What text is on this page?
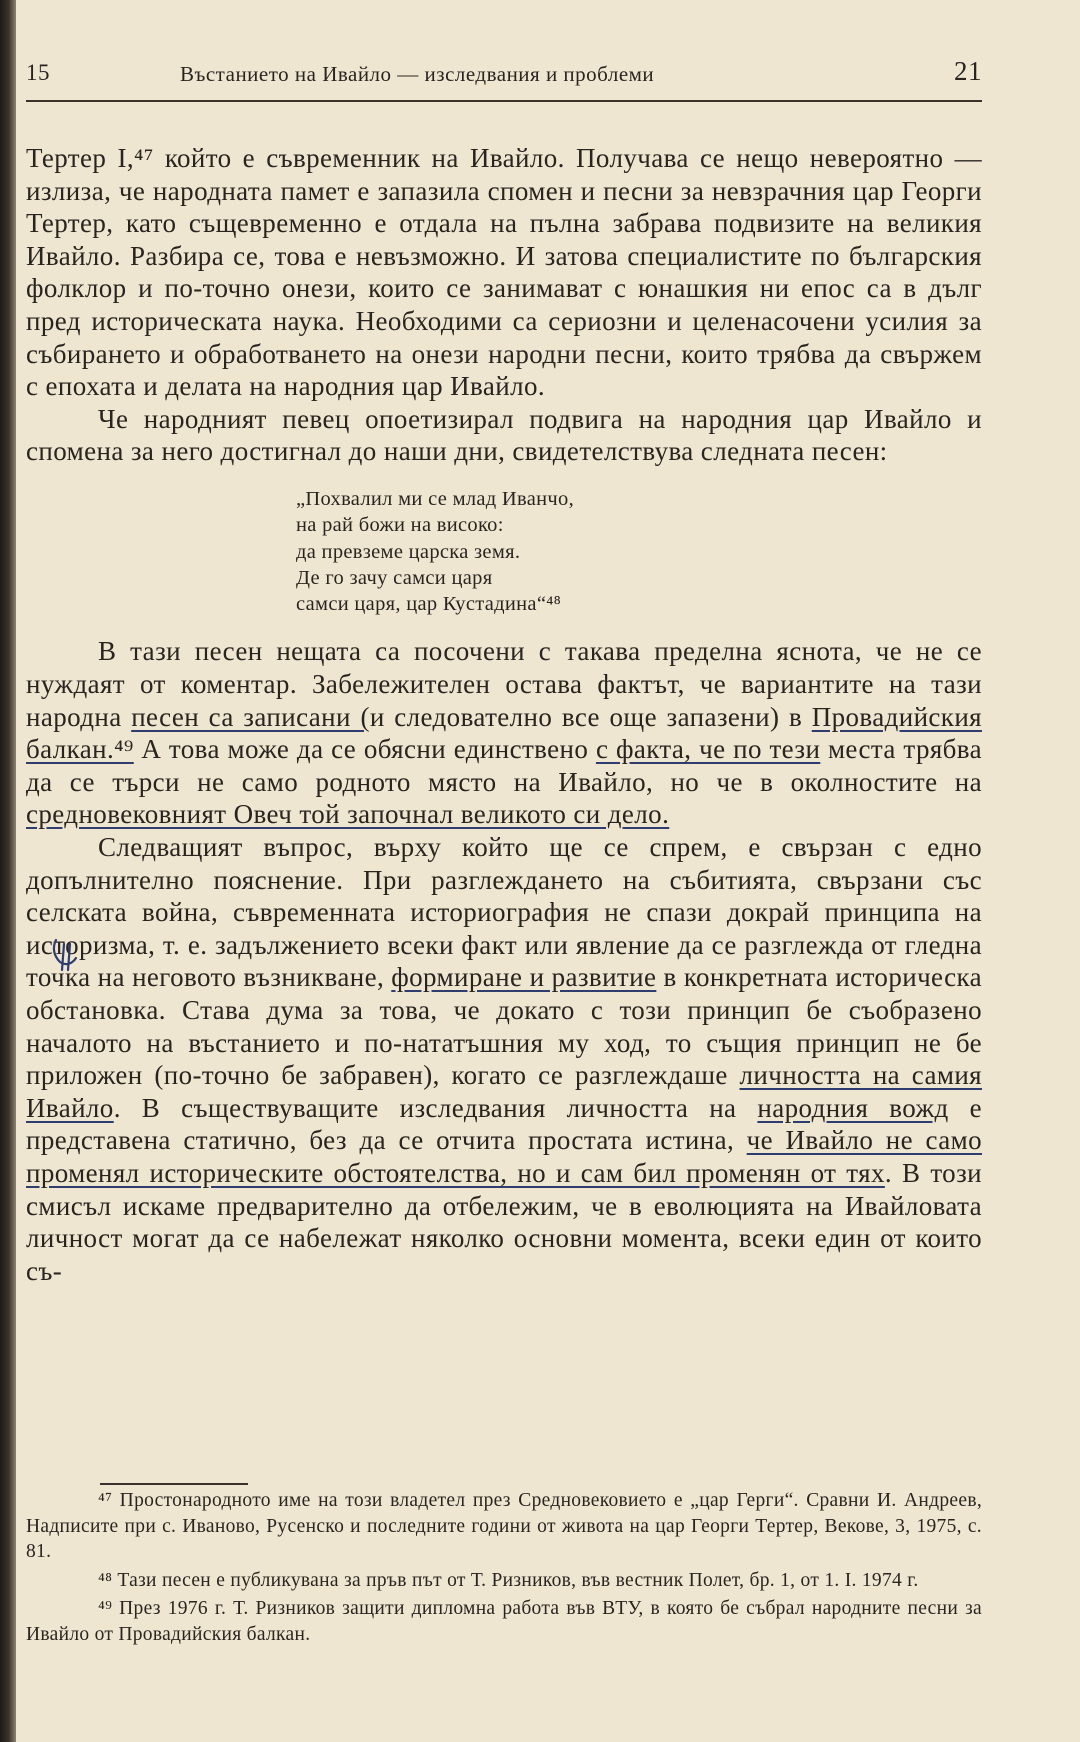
15	Въстанието на Ивайло — изследвания и проблеми	21

Тертер I,⁴⁷ който е съвременник на Ивайло. Получава се нещо невероятно — излиза, че народната памет е запазила спомен и песни за невзрачния цар Георги Тертер, като същевременно е отдала на пълна забрава подвизите на великия Ивайло. Разбира се, това е невъзможно. И затова специалистите по българския фолклор и по-точно онези, които се занимават с юнашкия ни епос са в дълг пред историческата наука. Необходими са сериозни и целенасочени усилия за събирането и обработването на онези народни песни, които трябва да свържем с епохата и делата на народния цар Ивайло.

Че народният певец опоетизирал подвига на народния цар Ивайло и спомена за него достигнал до наши дни, свидетелствува следната песен:

„Похвалил ми се млад Иванчо,
на рай божи на високо:
да превземе царска земя.
Де го зачу самси царя
самси царя, цар Кустадина“⁴⁸

В тази песен нещата са посочени с такава пределна яснота, че не се нуждаят от коментар. Забележителен остава фактът, че вариантите на тази народна песен са записани (и следователно все още запазени) в Провадийския балкан.⁴⁹ А това може да се обясни единствено с факта, че по тези места трябва да се търси не само родното място на Ивайло, но че в околностите на средновековният Овеч той започнал великото си дело.

Следващият въпрос, върху който ще се спрем, е свързан с едно допълнително пояснение. При разглеждането на събитията, свързани със селската война, съвременната историография не спази докрай принципа на историзма, т. е. задължението всеки факт или явление да се разглежда от гледна точка на неговото възникване, формиране и развитие в конкретната историческа обстановка. Става дума за това, че докато с този принцип бе съобразено началото на въстанието и по-нататъшния му ход, то същия принцип не бе приложен (по-точно бе забравен), когато се разглеждаше личността на самия Ивайло. В съществуващите изследвания личността на народния вожд е представена статично, без да се отчита простата истина, че Ивайло не само променял историческите обстоятелства, но и сам бил променян от тях. В този смисъл искаме предварително да отбележим, че в еволюцията на Ивайловата личност могат да се набележат няколко основни момента, всеки един от които съ-

⁴⁷ Простонародното име на този владетел през Средновековието е „цар Герги“. Сравни И. Андреев, Надписите при с. Иваново, Русенско и последните години от живота на цар Георги Тертер, Векове, 3, 1975, с. 81.

⁴⁸ Тази песен е публикувана за пръв път от Т. Ризников, във вестник Полет, бр. 1, от 1. I. 1974 г.

⁴⁹ През 1976 г. Т. Ризников защити дипломна работа във ВТУ, в която бе събрал народните песни за Ивайло от Провадийския балкан.
